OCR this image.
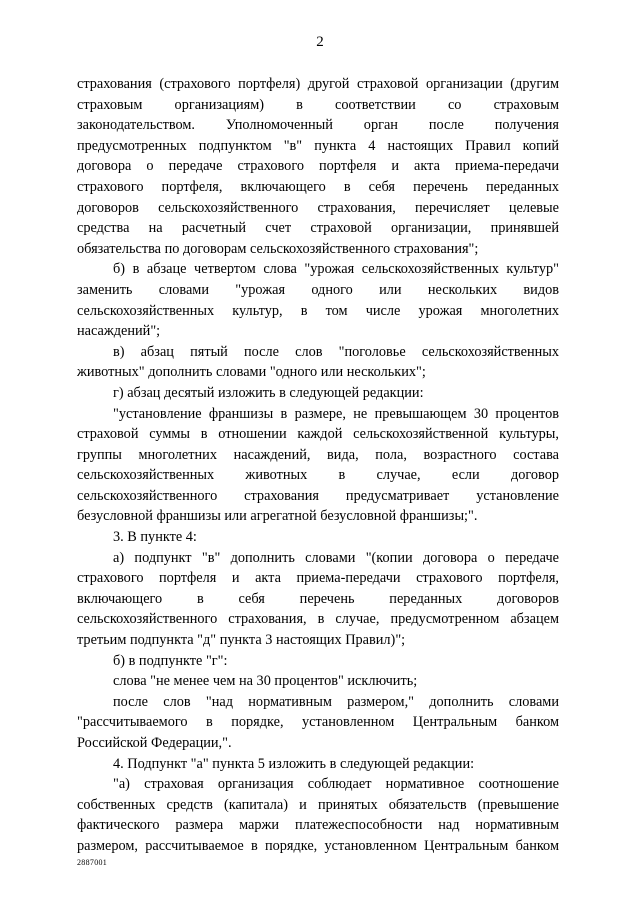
2
страхования (страхового портфеля) другой страховой организации (другим
страховым организациям) в соответствии со страховым
законодательством. Уполномоченный орган после получения
предусмотренных подпунктом "в" пункта 4 настоящих Правил копий
договора о передаче страхового портфеля и акта приема-передачи
страхового портфеля, включающего в себя перечень переданных
договоров сельскохозяйственного страхования, перечисляет целевые
средства на расчетный счет страховой организации, принявшей
обязательства по договорам сельскохозяйственного страхования";
б) в абзаце четвертом слова "урожая сельскохозяйственных культур"
заменить словами "урожая одного или нескольких видов
сельскохозяйственных культур, в том числе урожая многолетних
насаждений";
в) абзац пятый после слов "поголовье сельскохозяйственных
животных" дополнить словами "одного или нескольких";
г) абзац десятый изложить в следующей редакции:
"установление франшизы в размере, не превышающем 30 процентов
страховой суммы в отношении каждой сельскохозяйственной культуры,
группы многолетних насаждений, вида, пола, возрастного состава
сельскохозяйственных животных в случае, если договор
сельскохозяйственного страхования предусматривает установление
безусловной франшизы или агрегатной безусловной франшизы;".
3. В пункте 4:
а) подпункт "в" дополнить словами "(копии договора о передаче
страхового портфеля и акта приема-передачи страхового портфеля,
включающего в себя перечень переданных договоров
сельскохозяйственного страхования, в случае, предусмотренном абзацем
третьим подпункта "д" пункта 3 настоящих Правил)";
б) в подпункте "г":
слова "не менее чем на 30 процентов" исключить;
после слов "над нормативным размером," дополнить словами
"рассчитываемого в порядке, установленном Центральным банком
Российской Федерации,".
4. Подпункт "а" пункта 5 изложить в следующей редакции:
"а) страховая организация соблюдает нормативное соотношение
собственных средств (капитала) и принятых обязательств (превышение
фактического размера маржи платежеспособности над нормативным
размером, рассчитываемое в порядке, установленном Центральным банком
2887001
